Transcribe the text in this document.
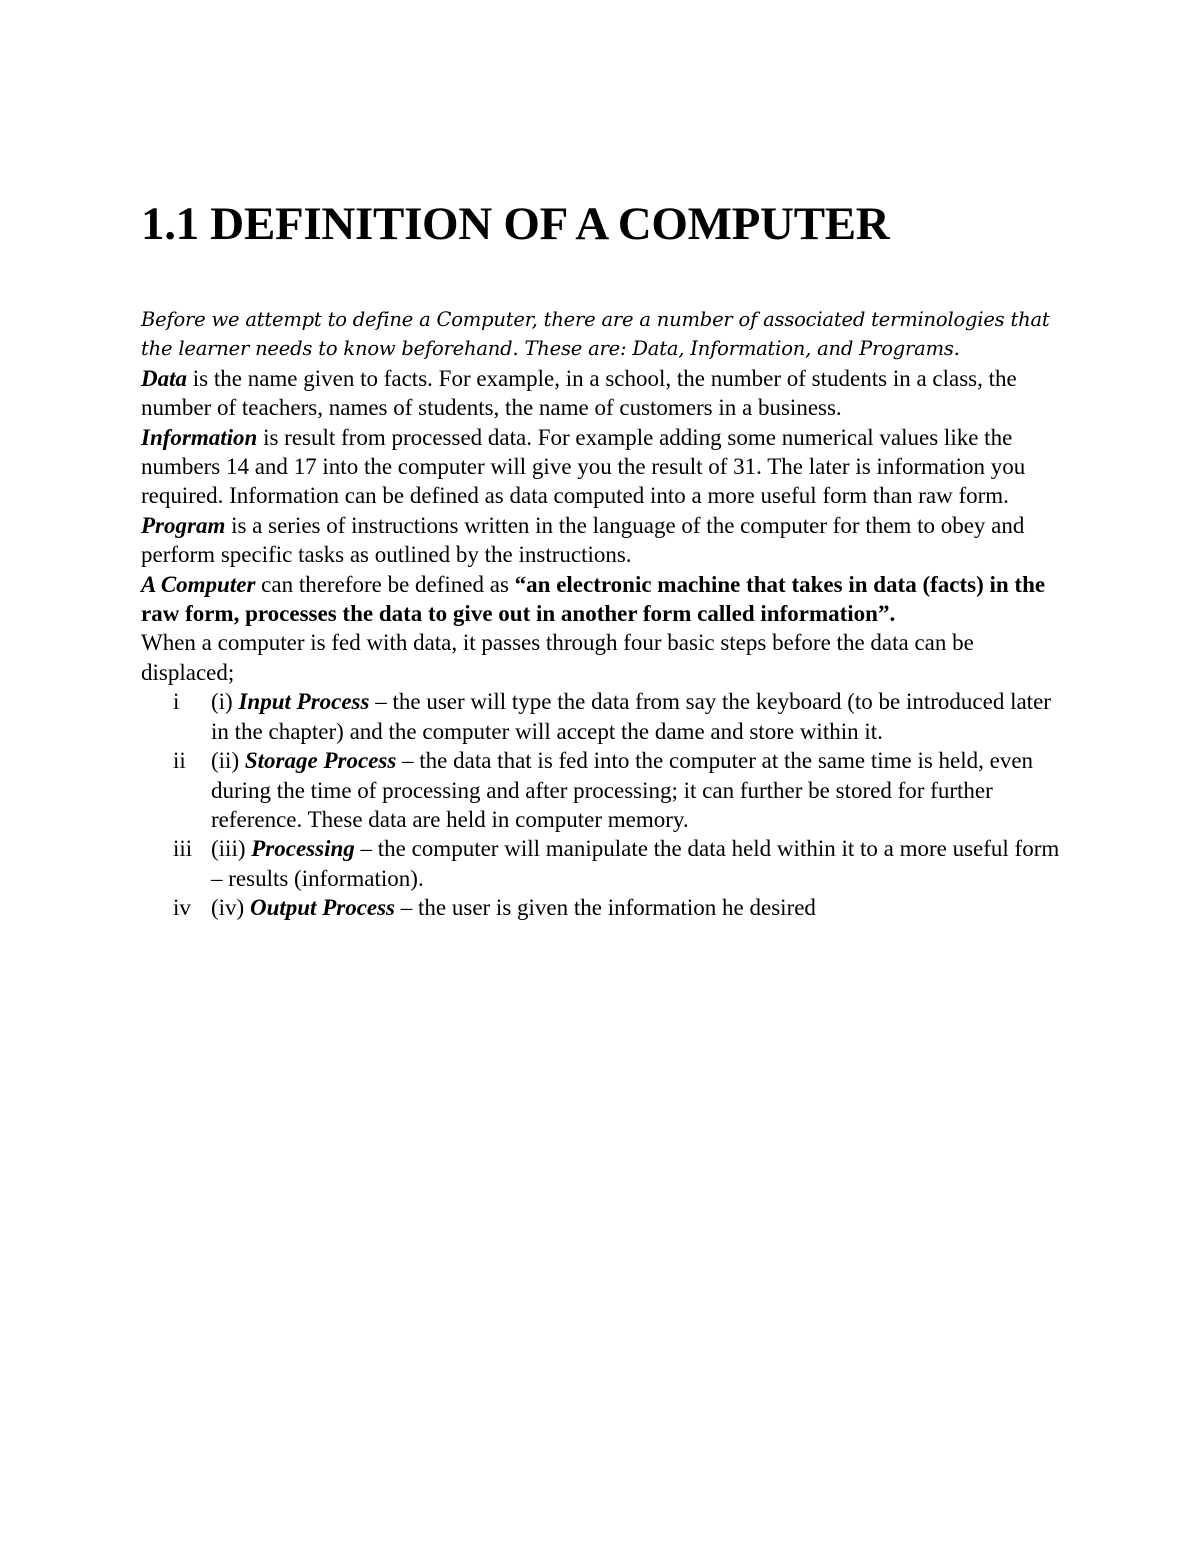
1.1 DEFINITION OF A COMPUTER

Before we attempt to define a Computer, there are a number of associated terminologies that the learner needs to know beforehand. These are: Data, Information, and Programs.

Data is the name given to facts. For example, in a school, the number of students in a class, the number of teachers, names of students, the name of customers in a business.

Information is result from processed data. For example adding some numerical values like the numbers 14 and 17 into the computer will give you the result of 31. The later is information you required. Information can be defined as data computed into a more useful form than raw form.

Program is a series of instructions written in the language of the computer for them to obey and perform specific tasks as outlined by the instructions.

A Computer can therefore be defined as “an electronic machine that takes in data (facts) in the raw form, processes the data to give out in another form called information”.

When a computer is fed with data, it passes through four basic steps before the data can be displaced;

i (i) Input Process – the user will type the data from say the keyboard (to be introduced later in the chapter) and the computer will accept the dame and store within it.
ii (ii) Storage Process – the data that is fed into the computer at the same time is held, even during the time of processing and after processing; it can further be stored for further reference. These data are held in computer memory.
iii (iii) Processing – the computer will manipulate the data held within it to a more useful form – results (information).
iv (iv) Output Process – the user is given the information he desired
